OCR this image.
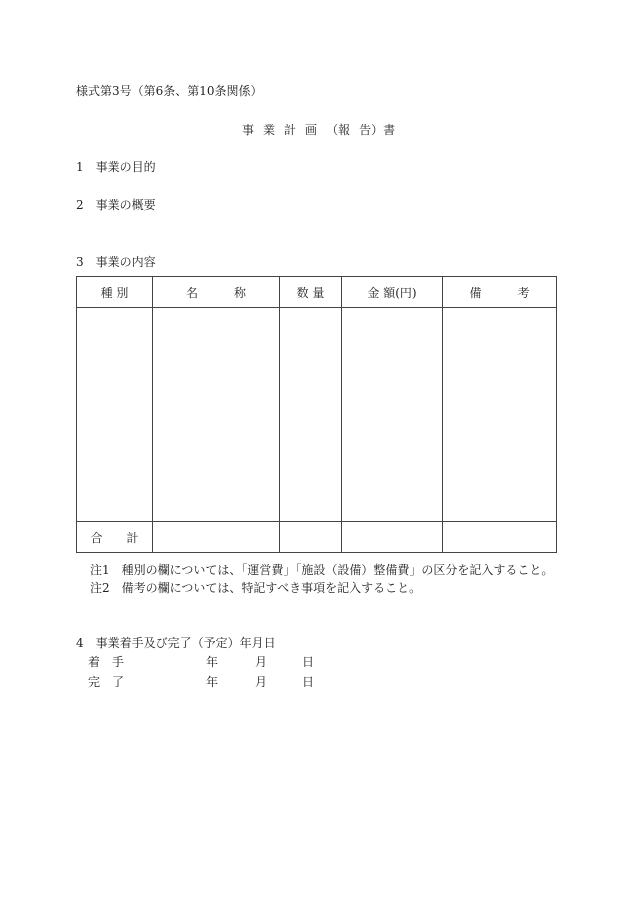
様式第3号（第6条、第10条関係）
事 業 計 画 （報 告）書
1　 事業の目的
2　 事業の概要
3　 事業の内容
種 別	名　　　称	数 量	金 額(円)	備　　　考

合　　計				
注1　種別の欄については、「運営費」「施設（設備）整備費」の区分を記入すること。
注2　備考の欄については、特記すべき事項を記入すること。
4　 事業着手及び完了（予定）年月日
着　手	年	月	日
完　了	年	月	日
